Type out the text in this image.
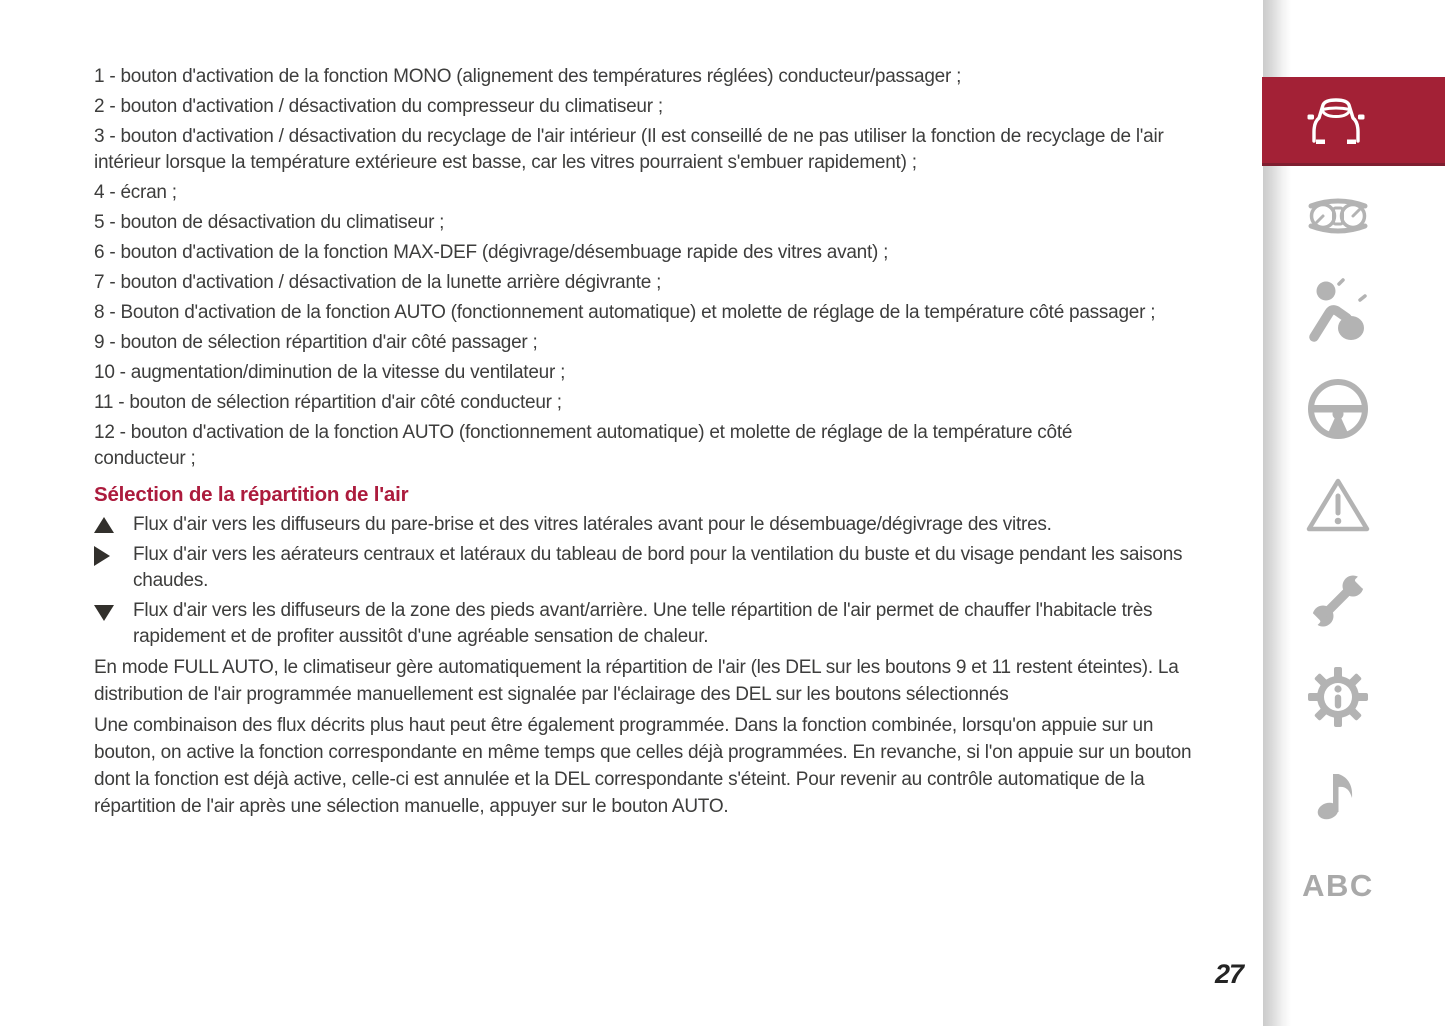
1 - bouton d'activation de la fonction MONO (alignement des températures réglées) conducteur/passager ;
2 - bouton d'activation / désactivation du compresseur du climatiseur ;
3 - bouton d'activation / désactivation du recyclage de l'air intérieur (Il est conseillé de ne pas utiliser la fonction de recyclage de l'air
intérieur lorsque la température extérieure est basse, car les vitres pourraient s'embuer rapidement) ;
4 - écran ;
5 - bouton de désactivation du climatiseur ;
6 - bouton d'activation de la fonction MAX-DEF (dégivrage/désembuage rapide des vitres avant) ;
7 - bouton d'activation / désactivation de la lunette arrière dégivrante ;
8 - Bouton d'activation de la fonction AUTO (fonctionnement automatique) et molette de réglage de la température côté passager ;
9 - bouton de sélection répartition d'air côté passager ;
10 - augmentation/diminution de la vitesse du ventilateur ;
11 - bouton de sélection répartition d'air côté conducteur ;
12 - bouton d'activation de la fonction AUTO (fonctionnement automatique) et molette de réglage de la température côté
conducteur ;
Sélection de la répartition de l'air
Flux d'air vers les diffuseurs du pare-brise et des vitres latérales avant pour le désembuage/dégivrage des vitres.
Flux d'air vers les aérateurs centraux et latéraux du tableau de bord pour la ventilation du buste et du visage pendant les saisons
chaudes.
Flux d'air vers les diffuseurs de la zone des pieds avant/arrière. Une telle répartition de l'air permet de chauffer l'habitacle très
rapidement et de profiter aussitôt d'une agréable sensation de chaleur.
En mode FULL AUTO, le climatiseur gère automatiquement la répartition de l'air (les DEL sur les boutons 9 et 11 restent éteintes). La
distribution de l'air programmée manuellement est signalée par l'éclairage des DEL sur les boutons sélectionnés
Une combinaison des flux décrits plus haut peut être également programmée. Dans la fonction combinée, lorsqu'on appuie sur un
bouton, on active la fonction correspondante en même temps que celles déjà programmées. En revanche, si l'on appuie sur un bouton
dont la fonction est déjà active, celle-ci est annulée et la DEL correspondante s'éteint. Pour revenir au contrôle automatique de la
répartition de l'air après une sélection manuelle, appuyer sur le bouton AUTO.
ABC
27
